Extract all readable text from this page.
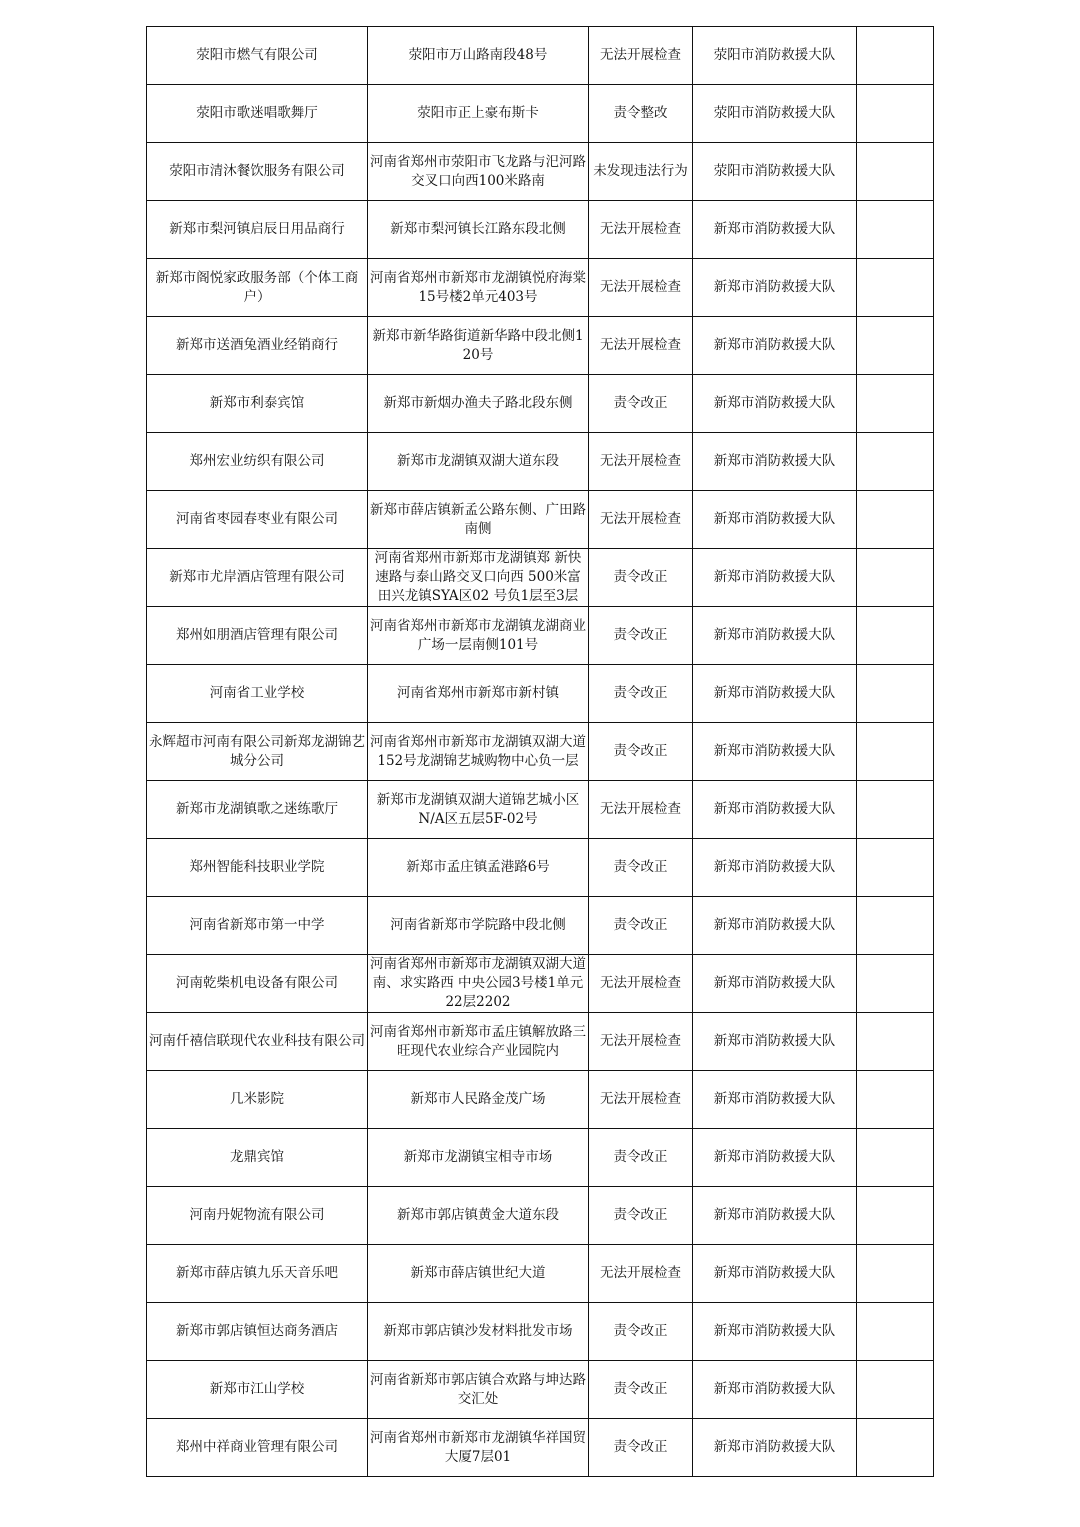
荥阳市燃气有限公司	荥阳市万山路南段48号	无法开展检查	荥阳市消防救援大队	
荥阳市歌迷唱歌舞厅	荥阳市正上豪布斯卡	责令整改	荥阳市消防救援大队	
荥阳市清沐餐饮服务有限公司	河南省郑州市荥阳市飞龙路与汜河路交叉口向西100米路南	未发现违法行为	荥阳市消防救援大队	
新郑市梨河镇启辰日用品商行	新郑市梨河镇长江路东段北侧	无法开展检查	新郑市消防救援大队	
新郑市阁悦家政服务部（个体工商户）	河南省郑州市新郑市龙湖镇悦府海棠15号楼2单元403号	无法开展检查	新郑市消防救援大队	
新郑市送酒兔酒业经销商行	新郑市新华路街道新华路中段北侧120号	无法开展检查	新郑市消防救援大队	
新郑市利泰宾馆	新郑市新烟办渔夫子路北段东侧	责令改正	新郑市消防救援大队	
郑州宏业纺织有限公司	新郑市龙湖镇双湖大道东段	无法开展检查	新郑市消防救援大队	
河南省枣园春枣业有限公司	新郑市薛店镇新孟公路东侧、广田路南侧	无法开展检查	新郑市消防救援大队	
新郑市尤岸酒店管理有限公司	河南省郑州市新郑市龙湖镇郑 新快速路与泰山路交叉口向西 500米富田兴龙镇SYA区02 号负1层至3层	责令改正	新郑市消防救援大队	
郑州如朋酒店管理有限公司	河南省郑州市新郑市龙湖镇龙湖商业广场一层南侧101号	责令改正	新郑市消防救援大队	
河南省工业学校	河南省郑州市新郑市新村镇	责令改正	新郑市消防救援大队	
永辉超市河南有限公司新郑龙湖锦艺城分公司	河南省郑州市新郑市龙湖镇双湖大道152号龙湖锦艺城购物中心负一层	责令改正	新郑市消防救援大队	
新郑市龙湖镇歌之迷练歌厅	新郑市龙湖镇双湖大道锦艺城小区N/A区五层5F-02号	无法开展检查	新郑市消防救援大队	
郑州智能科技职业学院	新郑市孟庄镇孟港路6号	责令改正	新郑市消防救援大队	
河南省新郑市第一中学	河南省新郑市学院路中段北侧	责令改正	新郑市消防救援大队	
河南乾柴机电设备有限公司	河南省郑州市新郑市龙湖镇双湖大道南、求实路西 中央公园3号楼1单元22层2202	无法开展检查	新郑市消防救援大队	
河南仟禧信联现代农业科技有限公司	河南省郑州市新郑市孟庄镇解放路三旺现代农业综合产业园院内	无法开展检查	新郑市消防救援大队	
几米影院	新郑市人民路金茂广场	无法开展检查	新郑市消防救援大队	
龙鼎宾馆	新郑市龙湖镇宝相寺市场	责令改正	新郑市消防救援大队	
河南丹妮物流有限公司	新郑市郭店镇黄金大道东段	责令改正	新郑市消防救援大队	
新郑市薛店镇九乐天音乐吧	新郑市薛店镇世纪大道	无法开展检查	新郑市消防救援大队	
新郑市郭店镇恒达商务酒店	新郑市郭店镇沙发材料批发市场	责令改正	新郑市消防救援大队	
新郑市江山学校	河南省新郑市郭店镇合欢路与坤达路交汇处	责令改正	新郑市消防救援大队	
郑州中祥商业管理有限公司	河南省郑州市新郑市龙湖镇华祥国贸大厦7层01	责令改正	新郑市消防救援大队	
